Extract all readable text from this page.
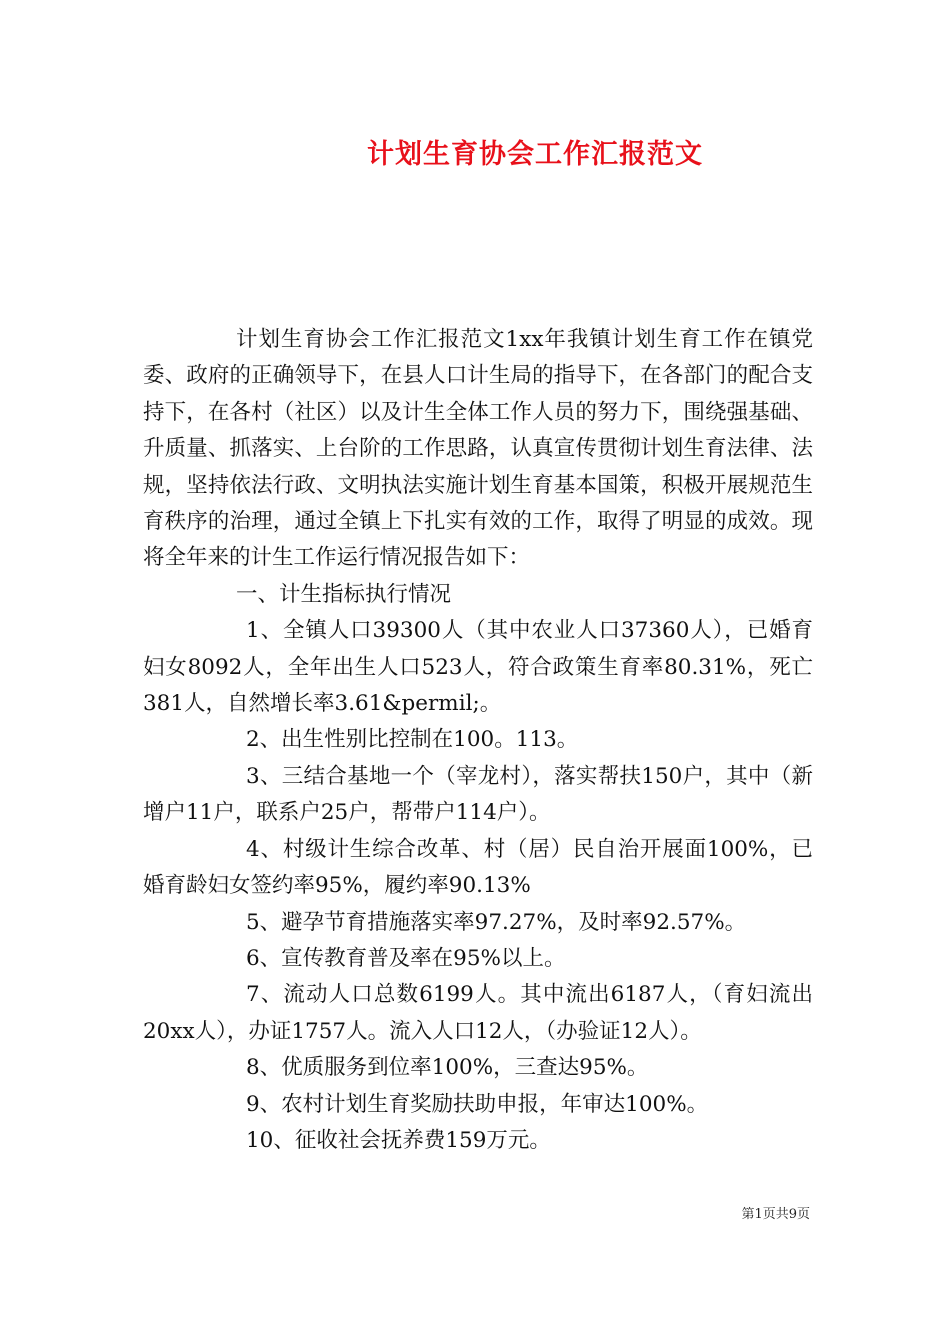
计划生育协会工作汇报范文

计划生育协会工作汇报范文1xx年我镇计划生育工作在镇党委、政府的正确领导下，在县人口计生局的指导下，在各部门的配合支持下，在各村（社区）以及计生全体工作人员的努力下，围绕强基础、升质量、抓落实、上台阶的工作思路，认真宣传贯彻计划生育法律、法规，坚持依法行政、文明执法实施计划生育基本国策，积极开展规范生育秩序的治理，通过全镇上下扎实有效的工作，取得了明显的成效。现将全年来的计生工作运行情况报告如下：

一、计生指标执行情况

1、全镇人口39300人（其中农业人口37360人），已婚育妇女8092人，全年出生人口523人，符合政策生育率80.31%，死亡381人，自然增长率3.61&permil;。

2、出生性别比控制在100。113。

3、三结合基地一个（宰龙村），落实帮扶150户，其中（新增户11户，联系户25户，帮带户114户）。

4、村级计生综合改革、村（居）民自治开展面100%，已婚育龄妇女签约率95%，履约率90.13%

5、避孕节育措施落实率97.27%，及时率92.57%。

6、宣传教育普及率在95%以上。

7、流动人口总数6199人。其中流出6187人，（育妇流出20xx人），办证1757人。流入人口12人，（办验证12人）。

8、优质服务到位率100%，三查达95%。

9、农村计划生育奖励扶助申报，年审达100%。

10、征收社会抚养费159万元。

第1页共9页
